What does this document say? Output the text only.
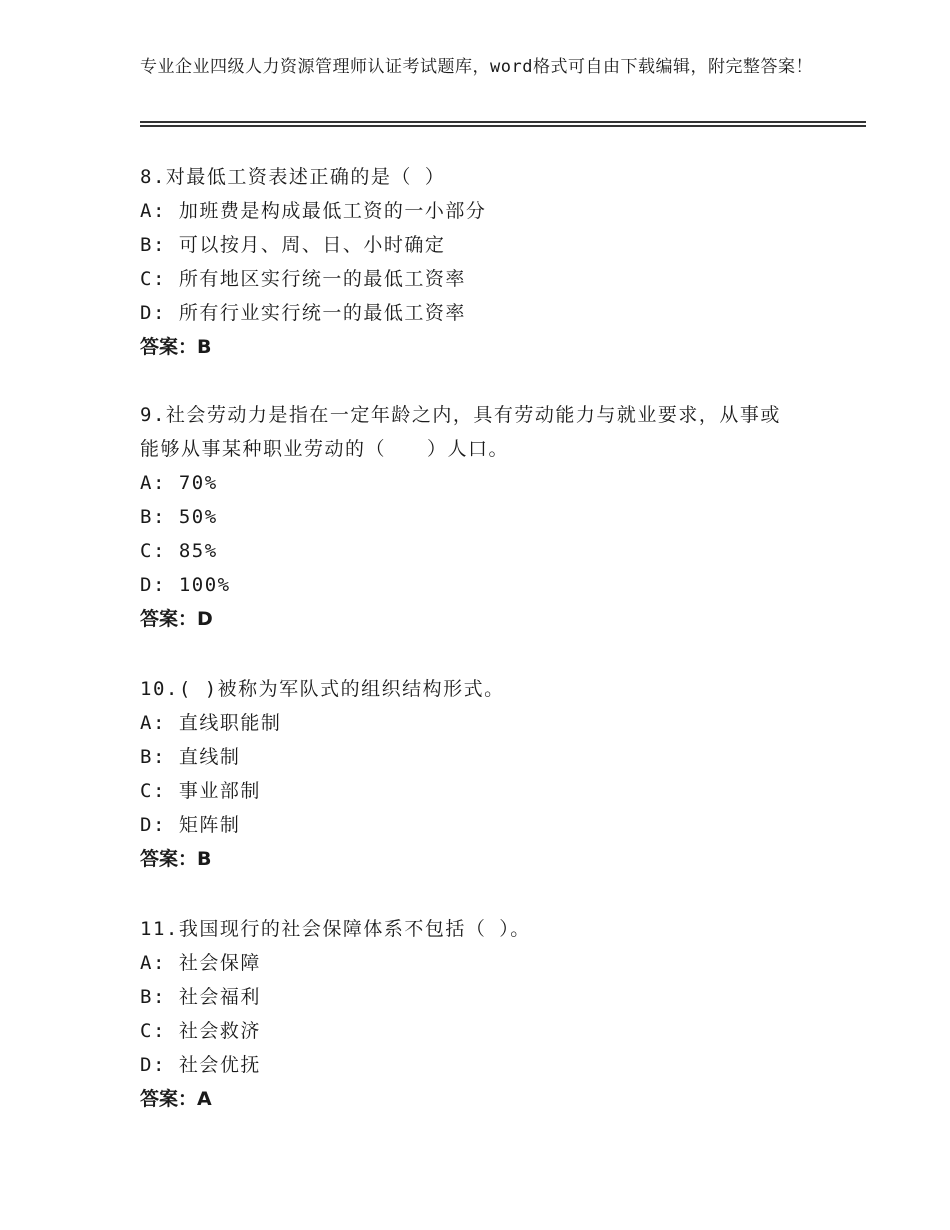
专业企业四级人力资源管理师认证考试题库，word格式可自由下载编辑，附完整答案！

8.对最低工资表述正确的是（ ）

A: 加班费是构成最低工资的一小部分

B: 可以按月、周、日、小时确定

C: 所有地区实行统一的最低工资率

D: 所有行业实行统一的最低工资率

答案：B

9.社会劳动力是指在一定年龄之内，具有劳动能力与就业要求，从事或能够从事某种职业劳动的（　　）人口。

A: 70%

B: 50%

C: 85%

D: 100%

答案：D

10.( )被称为军队式的组织结构形式。

A: 直线职能制

B: 直线制

C: 事业部制

D: 矩阵制

答案：B

11.我国现行的社会保障体系不包括（ ）。

A: 社会保障

B: 社会福利

C: 社会救济

D: 社会优抚

答案：A
